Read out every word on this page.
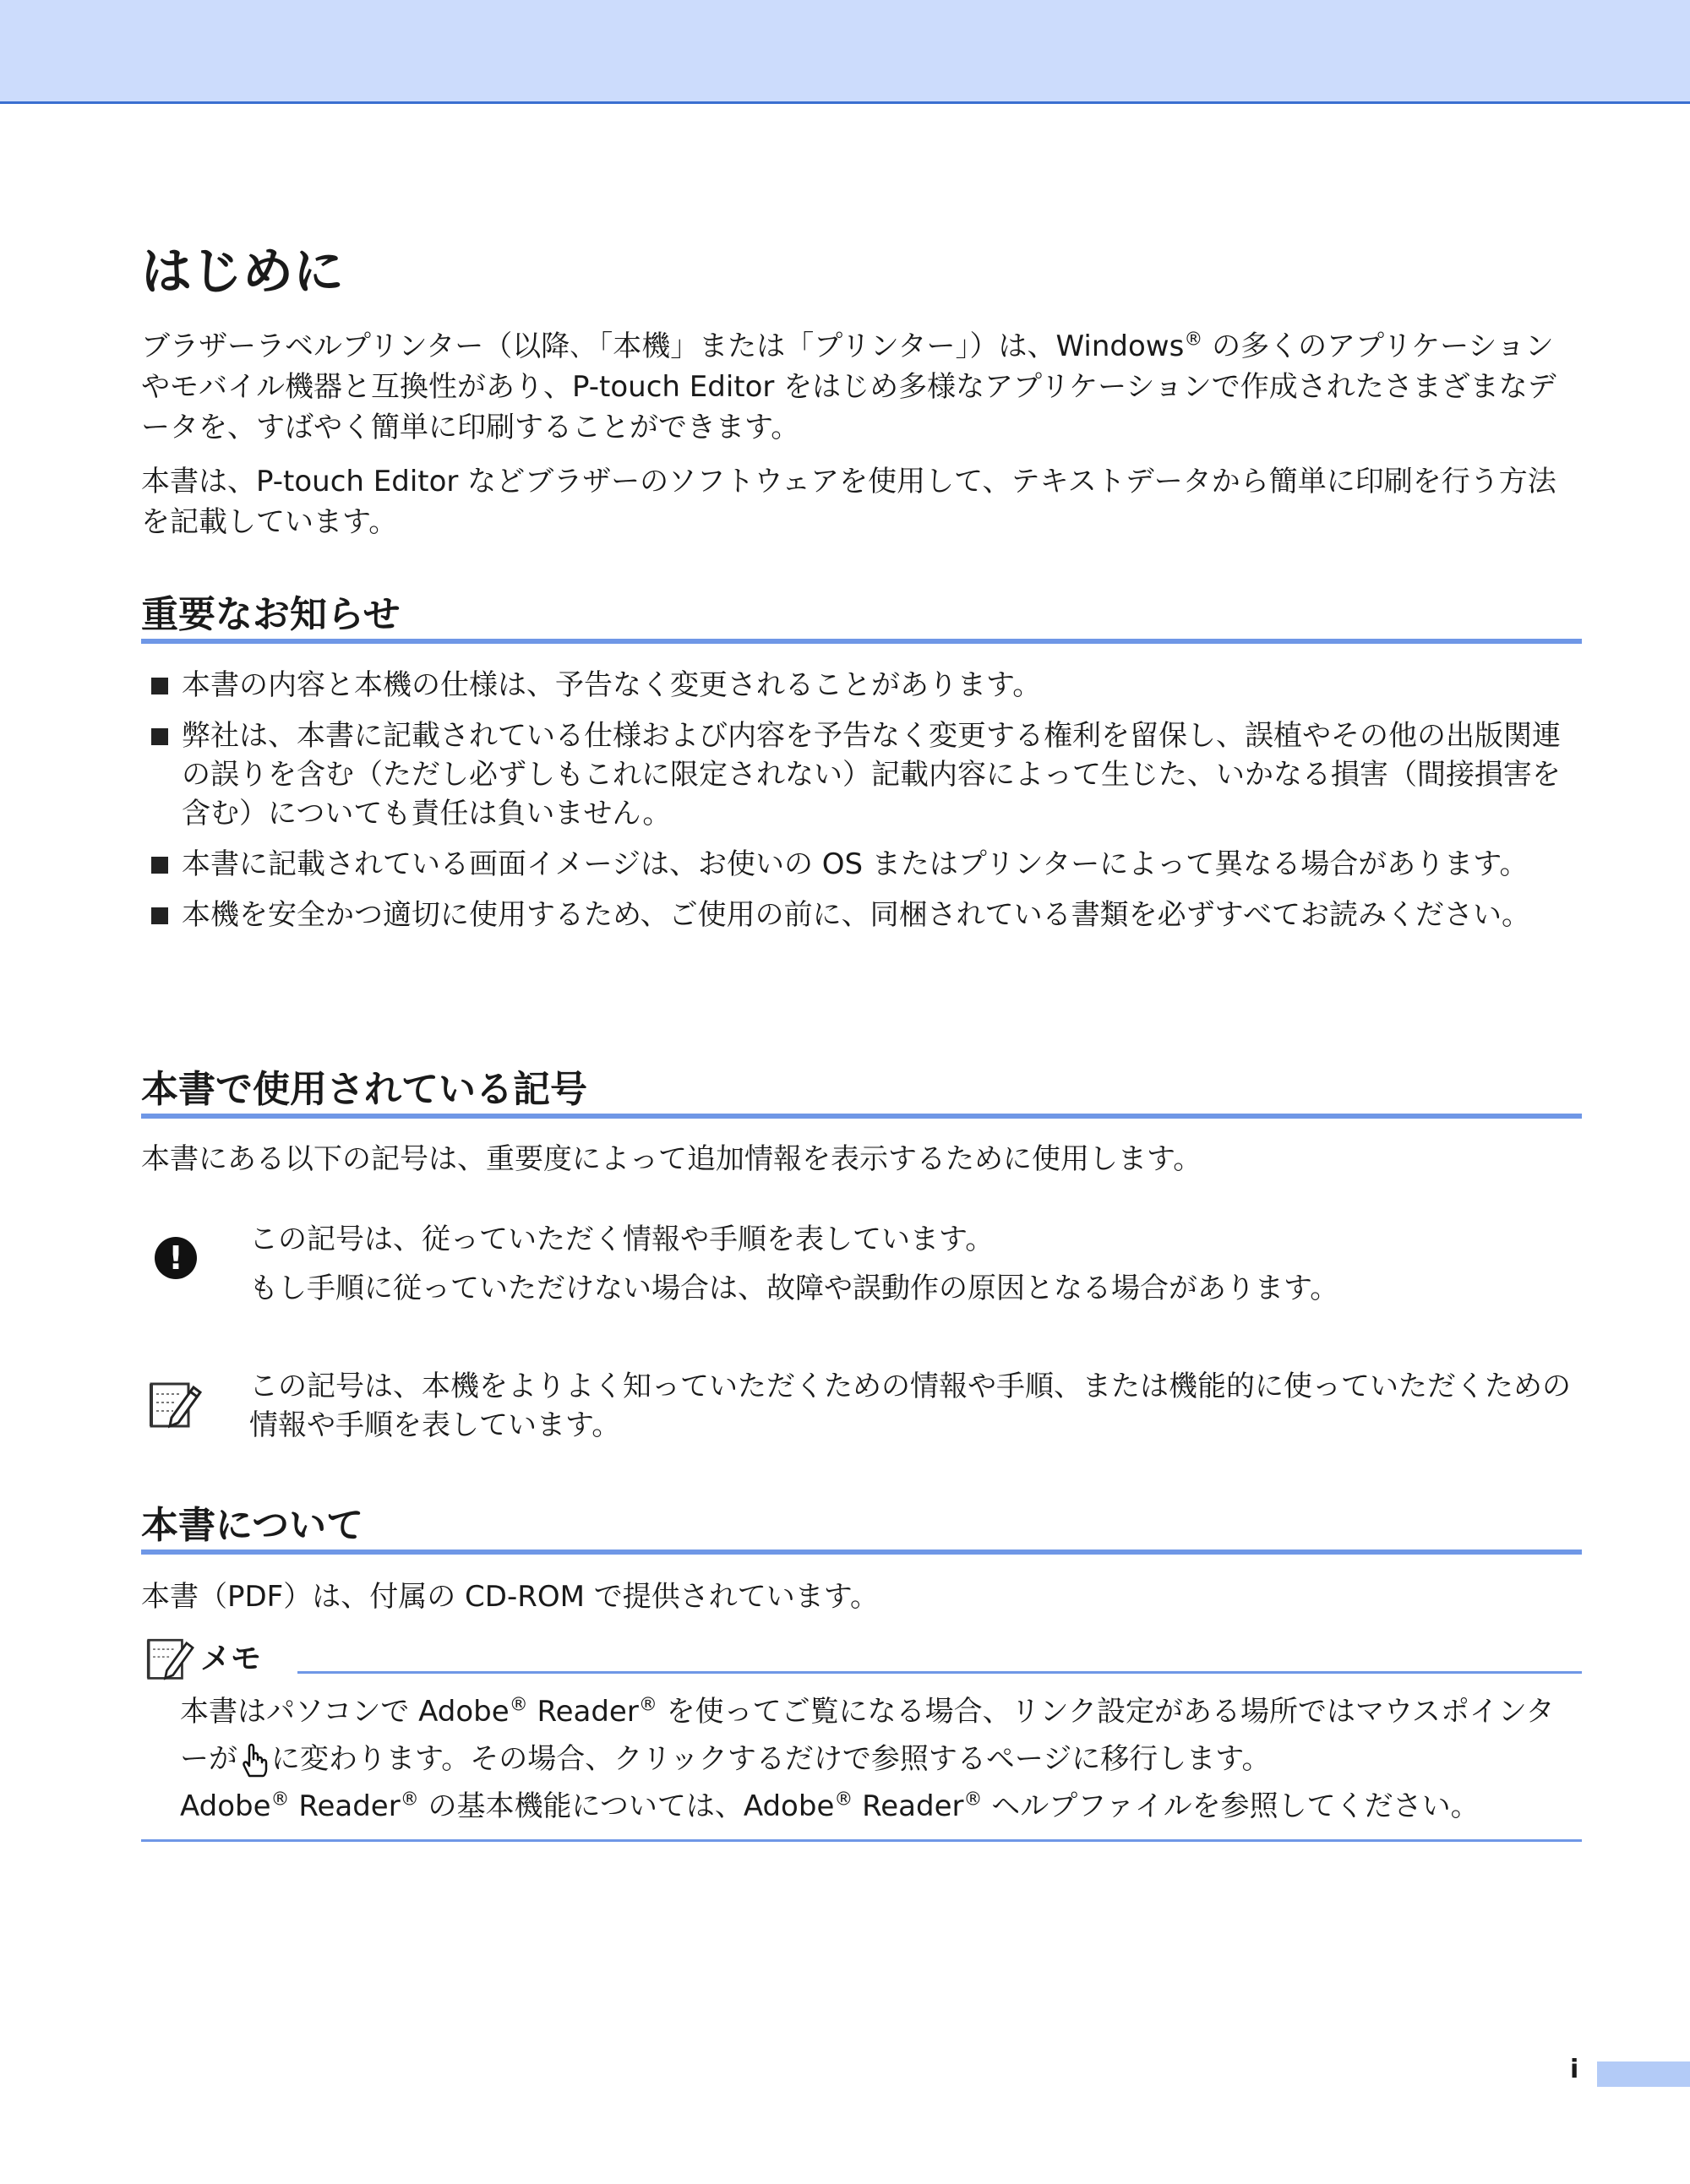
はじめに

ブラザーラベルプリンター（以降､「本機」または「プリンター」）は、Windows® の多くのアプリケーションやモバイル機器と互換性があり、P-touch Editor をはじめ多様なアプリケーションで作成されたさまざまなデータを、すばやく簡単に印刷することができます。

本書は、P-touch Editor などブラザーのソフトウェアを使用して、テキストデータから簡単に印刷を行う方法を記載しています。

重要なお知らせ
本書の内容と本機の仕様は、予告なく変更されることがあります。
弊社は、本書に記載されている仕様および内容を予告なく変更する権利を留保し、誤植やその他の出版関連の誤りを含む（ただし必ずしもこれに限定されない）記載内容によって生じた、いかなる損害（間接損害を含む）についても責任は負いません。
本書に記載されている画面イメージは、お使いの OS またはプリンターによって異なる場合があります。
本機を安全かつ適切に使用するため、ご使用の前に、同梱されている書類を必ずすべてお読みください。
本書で使用されている記号

本書にある以下の記号は、重要度によって追加情報を表示するために使用します。

!	この記号は、従っていただく情報や手順を表しています。

もし手順に従っていただけない場合は、故障や誤動作の原因となる場合があります。

この記号は、本機をよりよく知っていただくための情報や手順、または機能的に使っていただくための情報や手順を表しています。

本書について

本書（PDF）は、付属の CD-ROM で提供されています。

メモ

本書はパソコンで Adobe® Reader® を使ってご覧になる場合、リンク設定がある場所ではマウスポインターが に変わります。その場合、クリックするだけで参照するページに移行します。

Adobe® Reader® の基本機能については、Adobe® Reader® ヘルプファイルを参照してください。

i
